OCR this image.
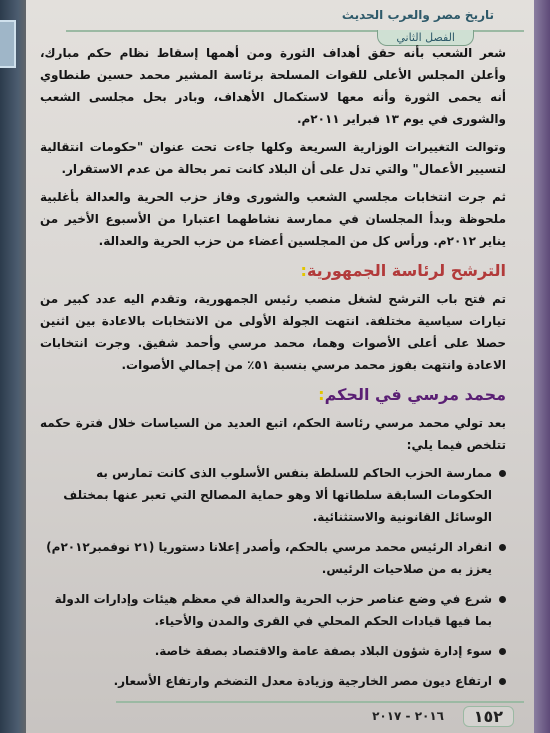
تاريخ مصر والعرب الحديث
الفصل الثاني

شعر الشعب بأنه حقق أهداف الثورة ومن أهمها إسقاط نظام حكم مبارك، وأعلن المجلس الأعلى للقوات المسلحة برئاسة المشير محمد حسين طنطاوي أنه يحمى الثورة وأنه معها لاستكمال الأهداف، وبادر بحل مجلسى الشعب والشورى في يوم ١٣ فبراير ٢٠١١م.

وتوالت التغييرات الوزارية السريعة وكلها جاءت تحت عنوان "حكومات انتقالية لتسيير الأعمال" والتي تدل على أن البلاد كانت تمر بحالة من عدم الاستقرار.

ثم جرت انتخابات مجلسي الشعب والشورى وفاز حزب الحرية والعدالة بأغلبية ملحوظة وبدأ المجلسان في ممارسة نشاطهما اعتبارا من الأسبوع الأخير من يناير ٢٠١٢م. ورأس كل من المجلسين أعضاء من حزب الحرية والعدالة.

الترشح لرئاسة الجمهورية:

تم فتح باب الترشح لشغل منصب رئيس الجمهورية، وتقدم اليه عدد كبير من تيارات سياسية مختلفة. انتهت الجولة الأولى من الانتخابات بالاعادة بين اثنين حصلا على أعلى الأصوات وهما، محمد مرسي وأحمد شفيق. وجرت انتخابات الاعادة وانتهت بفوز محمد مرسي بنسبة ٥١٪ من إجمالي الأصوات.

محمد مرسي في الحكم:

بعد تولي محمد مرسي رئاسة الحكم، اتبع العديد من السياسات خلال فترة حكمه تتلخص فيما يلي:

ممارسة الحزب الحاكم للسلطة بنفس الأسلوب الذى كانت تمارس به الحكومات السابقة سلطاتها ألا وهو حماية المصالح التي تعبر عنها بمختلف الوسائل القانونية والاستثنائية.
انفراد الرئيس محمد مرسي بالحكم، وأصدر إعلانا دستوريا (٢١ نوفمبر٢٠١٢م) يعزز به من صلاحيات الرئيس.
شرع في وضع عناصر حزب الحرية والعدالة في معظم هيئات وإدارات الدولة بما فيها قيادات الحكم المحلي في القرى والمدن والأحياء.
سوء إدارة شؤون البلاد بصفة عامة والاقتصاد بصفة خاصة.
ارتفاع ديون مصر الخارجية وزيادة معدل التضخم وارتفاع الأسعار.
٢٠١٦ - ٢٠١٧	١٥٢
